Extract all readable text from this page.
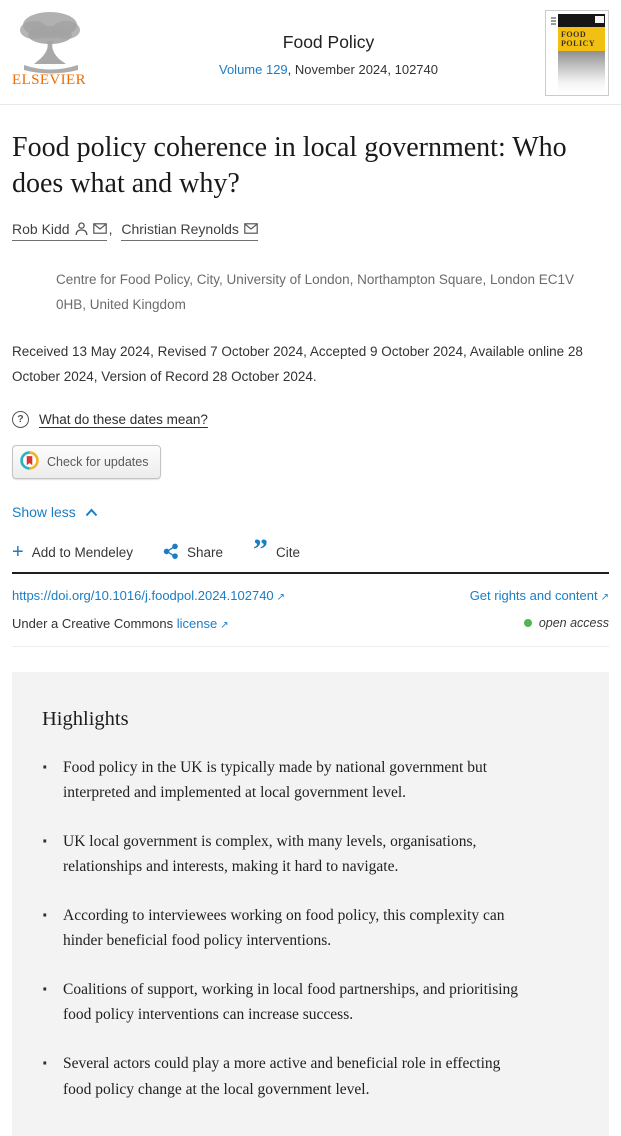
ELSEVIER
Food Policy
Volume 129, November 2024, 102740
FOOD
POLICY
Food policy coherence in local government: Who does what and why?
Rob Kidd	, Christian Reynolds

Centre for Food Policy, City, University of London, Northampton Square, London EC1V 0HB, United Kingdom

Received 13 May 2024, Revised 7 October 2024, Accepted 9 October 2024, Available online 28 October 2024, Version of Record 28 October 2024.

?	What do these dates mean?
Check for updates
Show less
+ Add to Mendeley	Share ” Cite
https://doi.org/10.1016/j.foodpol.2024.102740 ↗	Get rights and content ↗
Under a Creative Commons license ↗	open access
Highlights
· Food policy in the UK is typically made by national government but interpreted and implemented at local government level.
· UK local government is complex, with many levels, organisations, relationships and interests, making it hard to navigate.
· According to interviewees working on food policy, this complexity can hinder beneficial food policy interventions.
· Coalitions of support, working in local food partnerships, and prioritising food policy interventions can increase success.
· Several actors could play a more active and beneficial role in effecting food policy change at the local government level.
